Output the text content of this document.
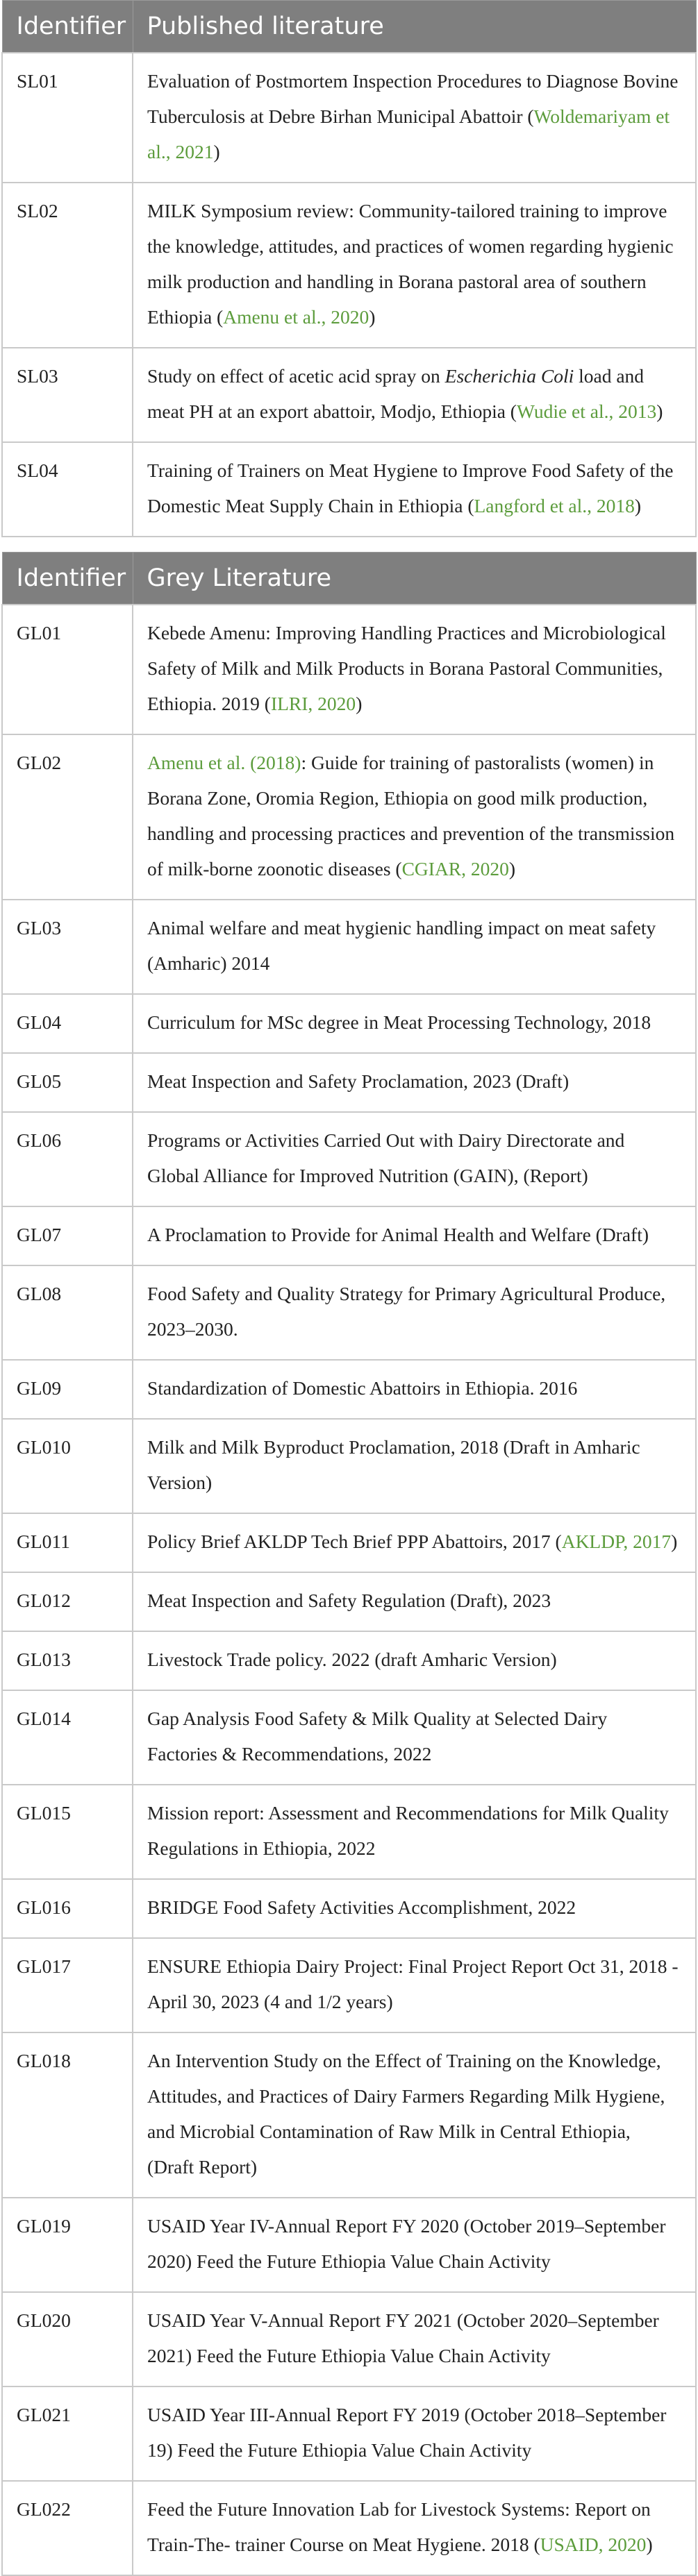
Identifier	Published literature
SL01	Evaluation of Postmortem Inspection Procedures to Diagnose Bovine Tuberculosis at Debre Birhan Municipal Abattoir (Woldemariyam et al., 2021)
SL02	MILK Symposium review: Community-tailored training to improve the knowledge, attitudes, and practices of women regarding hygienic milk production and handling in Borana pastoral area of southern Ethiopia (Amenu et al., 2020)
SL03	Study on effect of acetic acid spray on Escherichia Coli load and meat PH at an export abattoir, Modjo, Ethiopia (Wudie et al., 2013)
SL04	Training of Trainers on Meat Hygiene to Improve Food Safety of the Domestic Meat Supply Chain in Ethiopia (Langford et al., 2018)
Identifier	Grey Literature
GL01	Kebede Amenu: Improving Handling Practices and Microbiological Safety of Milk and Milk Products in Borana Pastoral Communities, Ethiopia. 2019 (ILRI, 2020)
GL02	Amenu et al. (2018): Guide for training of pastoralists (women) in Borana Zone, Oromia Region, Ethiopia on good milk production, handling and processing practices and prevention of the transmission of milk-borne zoonotic diseases (CGIAR, 2020)
GL03	Animal welfare and meat hygienic handling impact on meat safety (Amharic) 2014
GL04	Curriculum for MSc degree in Meat Processing Technology, 2018
GL05	Meat Inspection and Safety Proclamation, 2023 (Draft)
GL06	Programs or Activities Carried Out with Dairy Directorate and Global Alliance for Improved Nutrition (GAIN), (Report)
GL07	A Proclamation to Provide for Animal Health and Welfare (Draft)
GL08	Food Safety and Quality Strategy for Primary Agricultural Produce, 2023–2030.
GL09	Standardization of Domestic Abattoirs in Ethiopia. 2016
GL010	Milk and Milk Byproduct Proclamation, 2018 (Draft in Amharic Version)
GL011	Policy Brief AKLDP Tech Brief PPP Abattoirs, 2017 (AKLDP, 2017)
GL012	Meat Inspection and Safety Regulation (Draft), 2023
GL013	Livestock Trade policy. 2022 (draft Amharic Version)
GL014	Gap Analysis Food Safety & Milk Quality at Selected Dairy Factories & Recommendations, 2022
GL015	Mission report: Assessment and Recommendations for Milk Quality Regulations in Ethiopia, 2022
GL016	BRIDGE Food Safety Activities Accomplishment, 2022
GL017	ENSURE Ethiopia Dairy Project: Final Project Report Oct 31, 2018 - April 30, 2023 (4 and 1/2 years)
GL018	An Intervention Study on the Effect of Training on the Knowledge, Attitudes, and Practices of Dairy Farmers Regarding Milk Hygiene, and Microbial Contamination of Raw Milk in Central Ethiopia, (Draft Report)
GL019	USAID Year IV-Annual Report FY 2020 (October 2019–September 2020) Feed the Future Ethiopia Value Chain Activity
GL020	USAID Year V-Annual Report FY 2021 (October 2020–September 2021) Feed the Future Ethiopia Value Chain Activity
GL021	USAID Year III-Annual Report FY 2019 (October 2018–September 19) Feed the Future Ethiopia Value Chain Activity
GL022	Feed the Future Innovation Lab for Livestock Systems: Report on Train-The- trainer Course on Meat Hygiene. 2018 (USAID, 2020)
